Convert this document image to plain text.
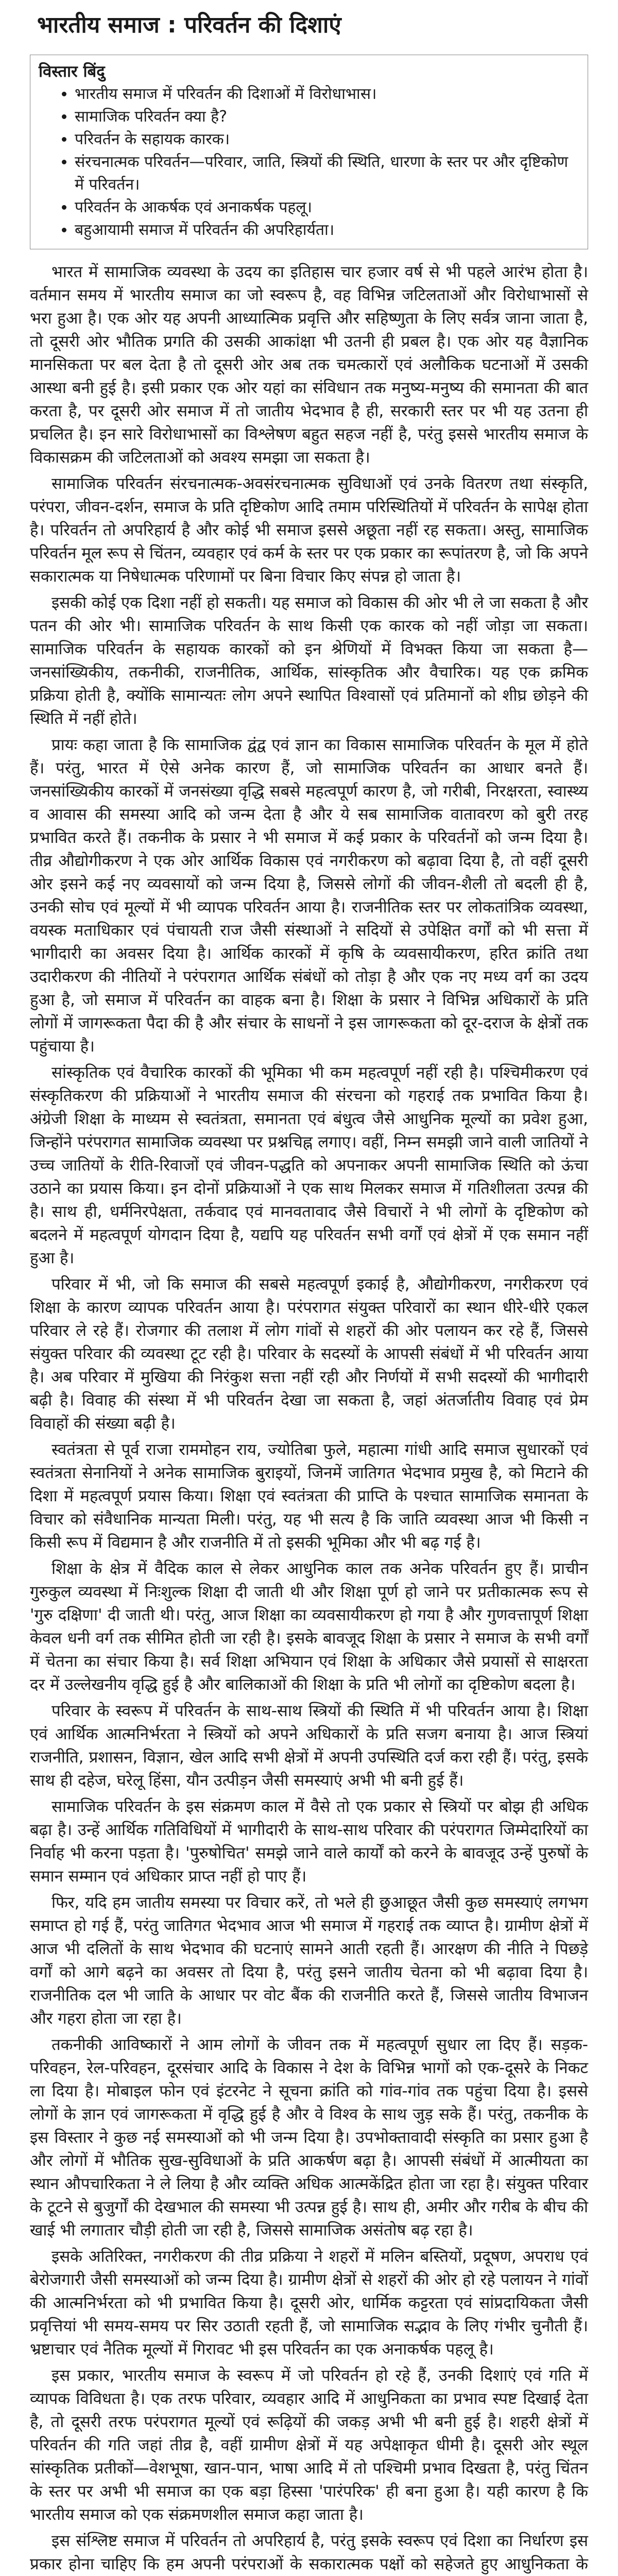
भारतीय समाज : परिवर्तन की दिशाएं
विस्तार बिंदु
• भारतीय समाज में परिवर्तन की दिशाओं में विरोधाभास।
• सामाजिक परिवर्तन क्या है?
• परिवर्तन के सहायक कारक।
• संरचनात्मक परिवर्तन—परिवार, जाति, स्त्रियों की स्थिति, धारणा के स्तर पर और दृष्टिकोण में परिवर्तन।
• परिवर्तन के आकर्षक एवं अनाकर्षक पहलू।
• बहुआयामी समाज में परिवर्तन की अपरिहार्यता।

भारत में सामाजिक व्यवस्था के उदय का इतिहास चार हजार वर्ष से भी पहले आरंभ होता है। वर्तमान समय में भारतीय समाज का जो स्वरूप है, वह विभिन्न जटिलताओं और विरोधाभासों से भरा हुआ है। एक ओर यह अपनी आध्यात्मिक प्रवृत्ति और सहिष्णुता के लिए सर्वत्र जाना जाता है, तो दूसरी ओर भौतिक प्रगति की उसकी आकांक्षा भी उतनी ही प्रबल है। एक ओर यह वैज्ञानिक मानसिकता पर बल देता है तो दूसरी ओर अब तक चमत्कारों एवं अलौकिक घटनाओं में उसकी आस्था बनी हुई है। इसी प्रकार एक ओर यहां का संविधान तक मनुष्य-मनुष्य की समानता की बात करता है, पर दूसरी ओर समाज में तो जातीय भेदभाव है ही, सरकारी स्तर पर भी यह उतना ही प्रचलित है। इन सारे विरोधाभासों का विश्लेषण बहुत सहज नहीं है, परंतु इससे भारतीय समाज के विकासक्रम की जटिलताओं को अवश्य समझा जा सकता है।

सामाजिक परिवर्तन संरचनात्मक-अवसंरचनात्मक सुविधाओं एवं उनके वितरण तथा संस्कृति, परंपरा, जीवन-दर्शन, समाज के प्रति दृष्टिकोण आदि तमाम परिस्थितियों में परिवर्तन के सापेक्ष होता है। परिवर्तन तो अपरिहार्य है और कोई भी समाज इससे अछूता नहीं रह सकता। अस्तु, सामाजिक परिवर्तन मूल रूप से चिंतन, व्यवहार एवं कर्म के स्तर पर एक प्रकार का रूपांतरण है, जो कि अपने सकारात्मक या निषेधात्मक परिणामों पर बिना विचार किए संपन्न हो जाता है।

इसकी कोई एक दिशा नहीं हो सकती। यह समाज को विकास की ओर भी ले जा सकता है और पतन की ओर भी। सामाजिक परिवर्तन के साथ किसी एक कारक को नहीं जोड़ा जा सकता। सामाजिक परिवर्तन के सहायक कारकों को इन श्रेणियों में विभक्त किया जा सकता है—जनसांख्यिकीय, तकनीकी, राजनीतिक, आर्थिक, सांस्कृतिक और वैचारिक। यह एक क्रमिक प्रक्रिया होती है, क्योंकि सामान्यतः लोग अपने स्थापित विश्वासों एवं प्रतिमानों को शीघ्र छोड़ने की स्थिति में नहीं होते।

प्रायः कहा जाता है कि सामाजिक द्वंद्व एवं ज्ञान का विकास सामाजिक परिवर्तन के मूल में होते हैं। परंतु, भारत में ऐसे अनेक कारण हैं, जो सामाजिक परिवर्तन का आधार बनते हैं। जनसांख्यिकीय कारकों में जनसंख्या वृद्धि सबसे महत्वपूर्ण कारण है, जो गरीबी, निरक्षरता, स्वास्थ्य व आवास की समस्या आदि को जन्म देता है और ये सब सामाजिक वातावरण को बुरी तरह प्रभावित करते हैं। तकनीक के प्रसार ने भी समाज में कई प्रकार के परिवर्तनों को जन्म दिया है। तीव्र औद्योगीकरण ने एक ओर आर्थिक विकास एवं नगरीकरण को बढ़ावा दिया है, तो वहीं दूसरी ओर इसने कई नए व्यवसायों को जन्म दिया है, जिससे लोगों की जीवन-शैली तो बदली ही है, उनकी सोच एवं मूल्यों में भी व्यापक परिवर्तन आया है। राजनीतिक स्तर पर लोकतांत्रिक व्यवस्था, वयस्क मताधिकार एवं पंचायती राज जैसी संस्थाओं ने सदियों से उपेक्षित वर्गों को भी सत्ता में भागीदारी का अवसर दिया है। आर्थिक कारकों में कृषि के व्यवसायीकरण, हरित क्रांति तथा उदारीकरण की नीतियों ने परंपरागत आर्थिक संबंधों को तोड़ा है और एक नए मध्य वर्ग का उदय हुआ है, जो समाज में परिवर्तन का वाहक बना है। शिक्षा के प्रसार ने विभिन्न अधिकारों के प्रति लोगों में जागरूकता पैदा की है और संचार के साधनों ने इस जागरूकता को दूर-दराज के क्षेत्रों तक पहुंचाया है।

सांस्कृतिक एवं वैचारिक कारकों की भूमिका भी कम महत्वपूर्ण नहीं रही है। पश्चिमीकरण एवं संस्कृतिकरण की प्रक्रियाओं ने भारतीय समाज की संरचना को गहराई तक प्रभावित किया है। अंग्रेजी शिक्षा के माध्यम से स्वतंत्रता, समानता एवं बंधुत्व जैसे आधुनिक मूल्यों का प्रवेश हुआ, जिन्होंने परंपरागत सामाजिक व्यवस्था पर प्रश्नचिह्न लगाए। वहीं, निम्न समझी जाने वाली जातियों ने उच्च जातियों के रीति-रिवाजों एवं जीवन-पद्धति को अपनाकर अपनी सामाजिक स्थिति को ऊंचा उठाने का प्रयास किया। इन दोनों प्रक्रियाओं ने एक साथ मिलकर समाज में गतिशीलता उत्पन्न की है। साथ ही, धर्मनिरपेक्षता, तर्कवाद एवं मानवतावाद जैसे विचारों ने भी लोगों के दृष्टिकोण को बदलने में महत्वपूर्ण योगदान दिया है, यद्यपि यह परिवर्तन सभी वर्गों एवं क्षेत्रों में एक समान नहीं हुआ है।

परिवार में भी, जो कि समाज की सबसे महत्वपूर्ण इकाई है, औद्योगीकरण, नगरीकरण एवं शिक्षा के कारण व्यापक परिवर्तन आया है। परंपरागत संयुक्त परिवारों का स्थान धीरे-धीरे एकल परिवार ले रहे हैं। रोजगार की तलाश में लोग गांवों से शहरों की ओर पलायन कर रहे हैं, जिससे संयुक्त परिवार की व्यवस्था टूट रही है। परिवार के सदस्यों के आपसी संबंधों में भी परिवर्तन आया है। अब परिवार में मुखिया की निरंकुश सत्ता नहीं रही और निर्णयों में सभी सदस्यों की भागीदारी बढ़ी है। विवाह की संस्था में भी परिवर्तन देखा जा सकता है, जहां अंतर्जातीय विवाह एवं प्रेम विवाहों की संख्या बढ़ी है।

स्वतंत्रता से पूर्व राजा राममोहन राय, ज्योतिबा फुले, महात्मा गांधी आदि समाज सुधारकों एवं स्वतंत्रता सेनानियों ने अनेक सामाजिक बुराइयों, जिनमें जातिगत भेदभाव प्रमुख है, को मिटाने की दिशा में महत्वपूर्ण प्रयास किया। शिक्षा एवं स्वतंत्रता की प्राप्ति के पश्चात सामाजिक समानता के विचार को संवैधानिक मान्यता मिली। परंतु, यह भी सत्य है कि जाति व्यवस्था आज भी किसी न किसी रूप में विद्यमान है और राजनीति में तो इसकी भूमिका और भी बढ़ गई है।

शिक्षा के क्षेत्र में वैदिक काल से लेकर आधुनिक काल तक अनेक परिवर्तन हुए हैं। प्राचीन गुरुकुल व्यवस्था में निःशुल्क शिक्षा दी जाती थी और शिक्षा पूर्ण हो जाने पर प्रतीकात्मक रूप से 'गुरु दक्षिणा' दी जाती थी। परंतु, आज शिक्षा का व्यवसायीकरण हो गया है और गुणवत्तापूर्ण शिक्षा केवल धनी वर्ग तक सीमित होती जा रही है। इसके बावजूद शिक्षा के प्रसार ने समाज के सभी वर्गों में चेतना का संचार किया है। सर्व शिक्षा अभियान एवं शिक्षा के अधिकार जैसे प्रयासों से साक्षरता दर में उल्लेखनीय वृद्धि हुई है और बालिकाओं की शिक्षा के प्रति भी लोगों का दृष्टिकोण बदला है।

परिवार के स्वरूप में परिवर्तन के साथ-साथ स्त्रियों की स्थिति में भी परिवर्तन आया है। शिक्षा एवं आर्थिक आत्मनिर्भरता ने स्त्रियों को अपने अधिकारों के प्रति सजग बनाया है। आज स्त्रियां राजनीति, प्रशासन, विज्ञान, खेल आदि सभी क्षेत्रों में अपनी उपस्थिति दर्ज करा रही हैं। परंतु, इसके साथ ही दहेज, घरेलू हिंसा, यौन उत्पीड़न जैसी समस्याएं अभी भी बनी हुई हैं।

सामाजिक परिवर्तन के इस संक्रमण काल में वैसे तो एक प्रकार से स्त्रियों पर बोझ ही अधिक बढ़ा है। उन्हें आर्थिक गतिविधियों में भागीदारी के साथ-साथ परिवार की परंपरागत जिम्मेदारियों का निर्वाह भी करना पड़ता है। 'पुरुषोचित' समझे जाने वाले कार्यों को करने के बावजूद उन्हें पुरुषों के समान सम्मान एवं अधिकार प्राप्त नहीं हो पाए हैं।

फिर, यदि हम जातीय समस्या पर विचार करें, तो भले ही छुआछूत जैसी कुछ समस्याएं लगभग समाप्त हो गई हैं, परंतु जातिगत भेदभाव आज भी समाज में गहराई तक व्याप्त है। ग्रामीण क्षेत्रों में आज भी दलितों के साथ भेदभाव की घटनाएं सामने आती रहती हैं। आरक्षण की नीति ने पिछड़े वर्गों को आगे बढ़ने का अवसर तो दिया है, परंतु इसने जातीय चेतना को भी बढ़ावा दिया है। राजनीतिक दल भी जाति के आधार पर वोट बैंक की राजनीति करते हैं, जिससे जातीय विभाजन और गहरा होता जा रहा है।

तकनीकी आविष्कारों ने आम लोगों के जीवन तक में महत्वपूर्ण सुधार ला दिए हैं। सड़क-परिवहन, रेल-परिवहन, दूरसंचार आदि के विकास ने देश के विभिन्न भागों को एक-दूसरे के निकट ला दिया है। मोबाइल फोन एवं इंटरनेट ने सूचना क्रांति को गांव-गांव तक पहुंचा दिया है। इससे लोगों के ज्ञान एवं जागरूकता में वृद्धि हुई है और वे विश्व के साथ जुड़ सके हैं। परंतु, तकनीक के इस विस्तार ने कुछ नई समस्याओं को भी जन्म दिया है। उपभोक्तावादी संस्कृति का प्रसार हुआ है और लोगों में भौतिक सुख-सुविधाओं के प्रति आकर्षण बढ़ा है। आपसी संबंधों में आत्मीयता का स्थान औपचारिकता ने ले लिया है और व्यक्ति अधिक आत्मकेंद्रित होता जा रहा है। संयुक्त परिवार के टूटने से बुजुर्गों की देखभाल की समस्या भी उत्पन्न हुई है। साथ ही, अमीर और गरीब के बीच की खाई भी लगातार चौड़ी होती जा रही है, जिससे सामाजिक असंतोष बढ़ रहा है।

इसके अतिरिक्त, नगरीकरण की तीव्र प्रक्रिया ने शहरों में मलिन बस्तियों, प्रदूषण, अपराध एवं बेरोजगारी जैसी समस्याओं को जन्म दिया है। ग्रामीण क्षेत्रों से शहरों की ओर हो रहे पलायन ने गांवों की आत्मनिर्भरता को भी प्रभावित किया है। दूसरी ओर, धार्मिक कट्टरता एवं सांप्रदायिकता जैसी प्रवृत्तियां भी समय-समय पर सिर उठाती रहती हैं, जो सामाजिक सद्भाव के लिए गंभीर चुनौती हैं। भ्रष्टाचार एवं नैतिक मूल्यों में गिरावट भी इस परिवर्तन का एक अनाकर्षक पहलू है।

इस प्रकार, भारतीय समाज के स्वरूप में जो परिवर्तन हो रहे हैं, उनकी दिशाएं एवं गति में व्यापक विविधता है। एक तरफ परिवार, व्यवहार आदि में आधुनिकता का प्रभाव स्पष्ट दिखाई देता है, तो दूसरी तरफ परंपरागत मूल्यों एवं रूढ़ियों की जकड़ अभी भी बनी हुई है। शहरी क्षेत्रों में परिवर्तन की गति जहां तीव्र है, वहीं ग्रामीण क्षेत्रों में यह अपेक्षाकृत धीमी है। दूसरी ओर स्थूल सांस्कृतिक प्रतीकों—वेशभूषा, खान-पान, भाषा आदि में तो पश्चिमी प्रभाव दिखता है, परंतु चिंतन के स्तर पर अभी भी समाज का एक बड़ा हिस्सा 'पारंपरिक' ही बना हुआ है। यही कारण है कि भारतीय समाज को एक संक्रमणशील समाज कहा जाता है।

इस संश्लिष्ट समाज में परिवर्तन तो अपरिहार्य है, परंतु इसके स्वरूप एवं दिशा का निर्धारण इस प्रकार होना चाहिए कि हम अपनी परंपराओं के सकारात्मक पक्षों को सहेजते हुए आधुनिकता के
